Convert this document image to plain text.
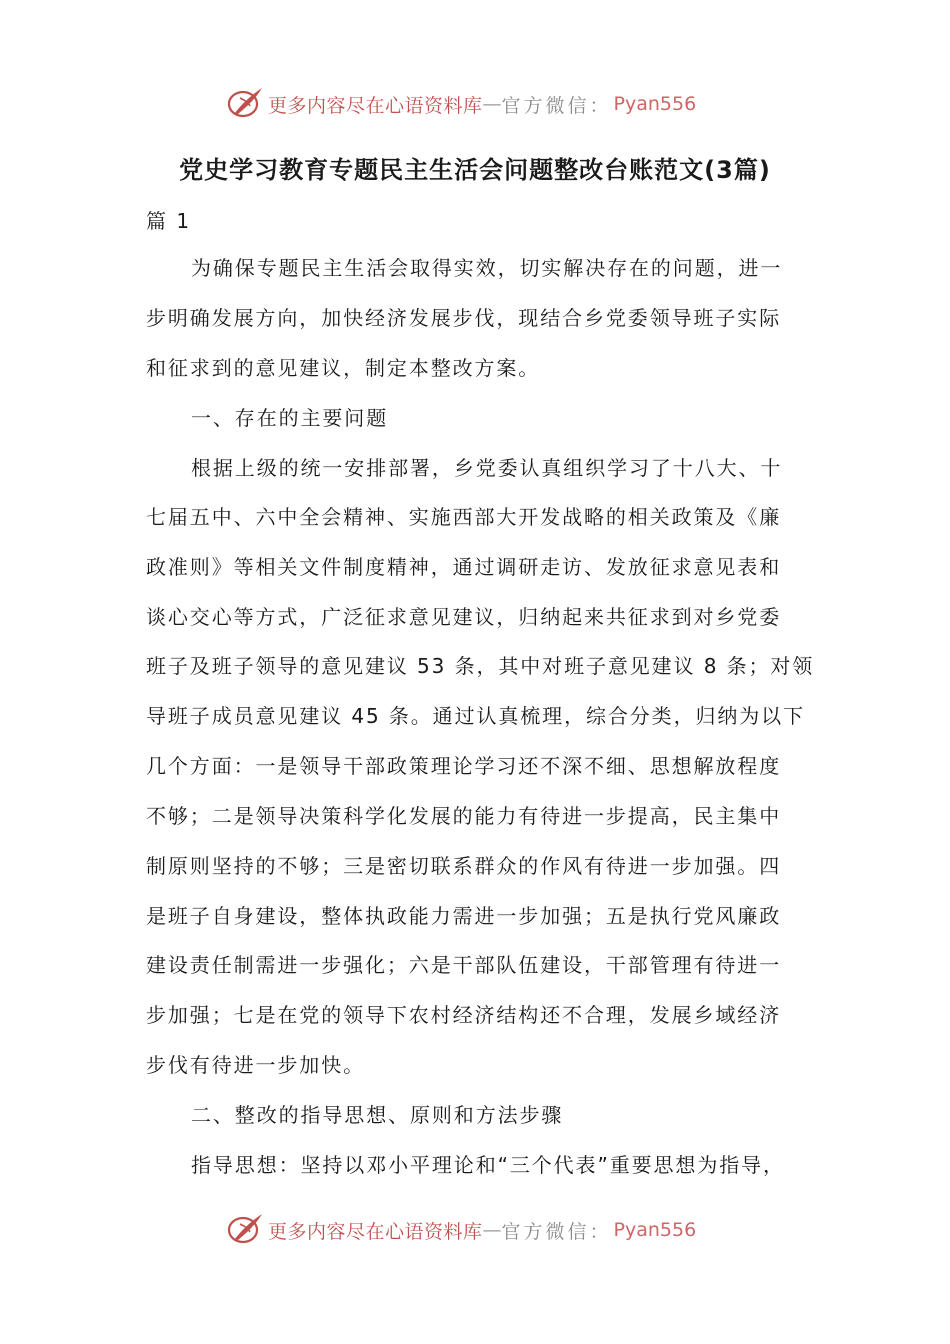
更多内容尽在心语资料库 — 官方微信： Pyan556
党史学习教育专题民主生活会问题整改台账范文(3篇)
篇 1
为确保专题民主生活会取得实效，切实解决存在的问题，进一
步明确发展方向，加快经济发展步伐，现结合乡党委领导班子实际
和征求到的意见建议，制定本整改方案。
一、存在的主要问题
根据上级的统一安排部署，乡党委认真组织学习了十八大、十
七届五中、六中全会精神、实施西部大开发战略的相关政策及《廉
政准则》等相关文件制度精神，通过调研走访、发放征求意见表和
谈心交心等方式，广泛征求意见建议，归纳起来共征求到对乡党委
班子及班子领导的意见建议 53 条，其中对班子意见建议 8 条；对领
导班子成员意见建议 45 条。通过认真梳理，综合分类，归纳为以下
几个方面：一是领导干部政策理论学习还不深不细、思想解放程度
不够；二是领导决策科学化发展的能力有待进一步提高，民主集中
制原则坚持的不够；三是密切联系群众的作风有待进一步加强。四
是班子自身建设，整体执政能力需进一步加强；五是执行党风廉政
建设责任制需进一步强化；六是干部队伍建设，干部管理有待进一
步加强；七是在党的领导下农村经济结构还不合理，发展乡域经济
步伐有待进一步加快。
二、整改的指导思想、原则和方法步骤
指导思想：坚持以邓小平理论和“三个代表”重要思想为指导，
更多内容尽在心语资料库 — 官方微信： Pyan556
